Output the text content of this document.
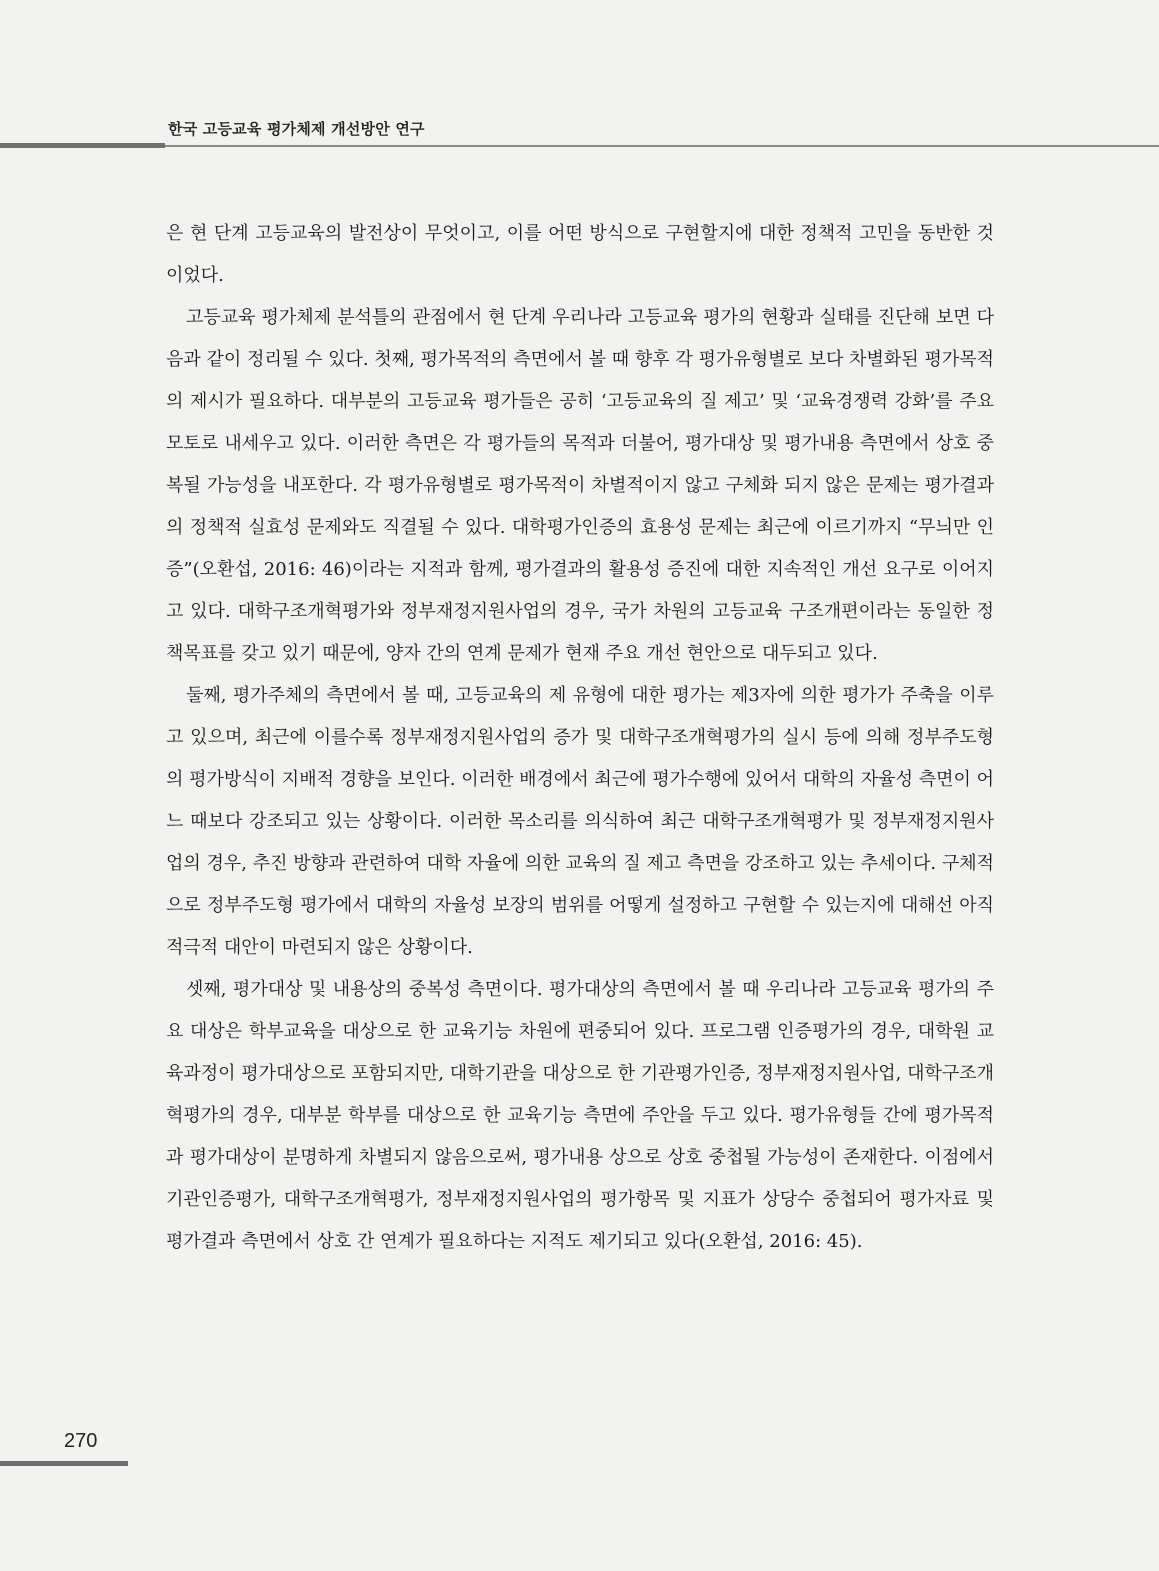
한국 고등교육 평가체제 개선방안 연구

은 현 단계 고등교육의 발전상이 무엇이고, 이를 어떤 방식으로 구현할지에 대한 정책적 고민을 동반한 것이었다.

고등교육 평가체제 분석틀의 관점에서 현 단계 우리나라 고등교육 평가의 현황과 실태를 진단해 보면 다음과 같이 정리될 수 있다. 첫째, 평가목적의 측면에서 볼 때 향후 각 평가유형별로 보다 차별화된 평가목적의 제시가 필요하다. 대부분의 고등교육 평가들은 공히 ‘고등교육의 질 제고’ 및 ‘교육경쟁력 강화’를 주요 모토로 내세우고 있다. 이러한 측면은 각 평가들의 목적과 더불어, 평가대상 및 평가내용 측면에서 상호 중복될 가능성을 내포한다. 각 평가유형별로 평가목적이 차별적이지 않고 구체화 되지 않은 문제는 평가결과의 정책적 실효성 문제와도 직결될 수 있다. 대학평가인증의 효용성 문제는 최근에 이르기까지 “무늬만 인증”(오환섭, 2016: 46)이라는 지적과 함께, 평가결과의 활용성 증진에 대한 지속적인 개선 요구로 이어지고 있다. 대학구조개혁평가와 정부재정지원사업의 경우, 국가 차원의 고등교육 구조개편이라는 동일한 정책목표를 갖고 있기 때문에, 양자 간의 연계 문제가 현재 주요 개선 현안으로 대두되고 있다.

둘째, 평가주체의 측면에서 볼 때, 고등교육의 제 유형에 대한 평가는 제3자에 의한 평가가 주축을 이루고 있으며, 최근에 이를수록 정부재정지원사업의 증가 및 대학구조개혁평가의 실시 등에 의해 정부주도형의 평가방식이 지배적 경향을 보인다. 이러한 배경에서 최근에 평가수행에 있어서 대학의 자율성 측면이 어느 때보다 강조되고 있는 상황이다. 이러한 목소리를 의식하여 최근 대학구조개혁평가 및 정부재정지원사업의 경우, 추진 방향과 관련하여 대학 자율에 의한 교육의 질 제고 측면을 강조하고 있는 추세이다. 구체적으로 정부주도형 평가에서 대학의 자율성 보장의 범위를 어떻게 설정하고 구현할 수 있는지에 대해선 아직 적극적 대안이 마련되지 않은 상황이다.

셋째, 평가대상 및 내용상의 중복성 측면이다. 평가대상의 측면에서 볼 때 우리나라 고등교육 평가의 주요 대상은 학부교육을 대상으로 한 교육기능 차원에 편중되어 있다. 프로그램 인증평가의 경우, 대학원 교육과정이 평가대상으로 포함되지만, 대학기관을 대상으로 한 기관평가인증, 정부재정지원사업, 대학구조개혁평가의 경우, 대부분 학부를 대상으로 한 교육기능 측면에 주안을 두고 있다. 평가유형들 간에 평가목적과 평가대상이 분명하게 차별되지 않음으로써, 평가내용 상으로 상호 중첩될 가능성이 존재한다. 이점에서 기관인증평가, 대학구조개혁평가, 정부재정지원사업의 평가항목 및 지표가 상당수 중첩되어 평가자료 및 평가결과 측면에서 상호 간 연계가 필요하다는 지적도 제기되고 있다(오환섭, 2016: 45).

270
